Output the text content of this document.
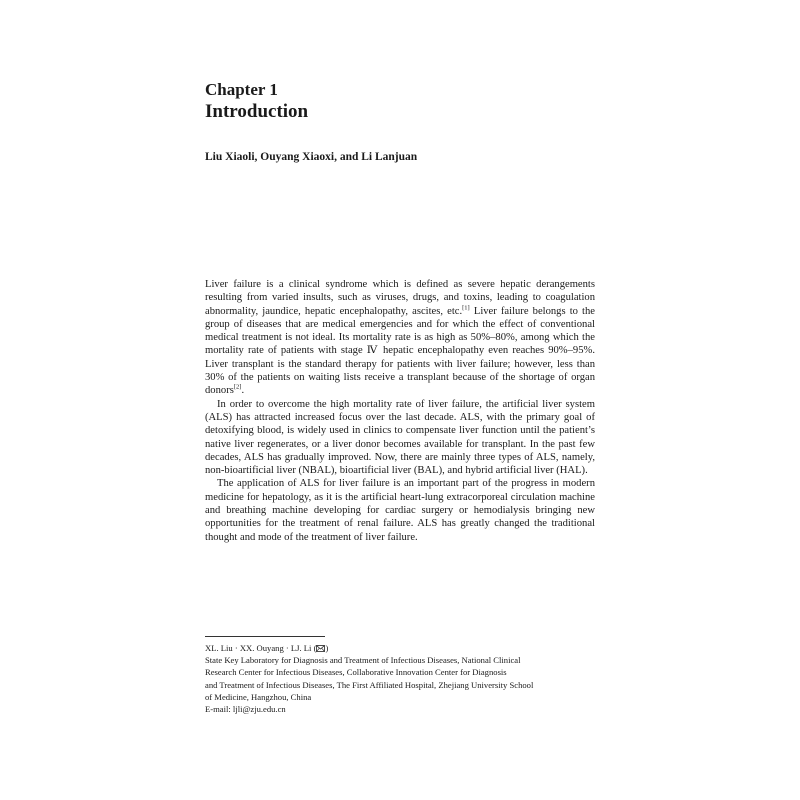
Chapter 1
Introduction
Liu Xiaoli, Ouyang Xiaoxi, and Li Lanjuan

Liver failure is a clinical syndrome which is defined as severe hepatic derangements resulting from varied insults, such as viruses, drugs, and toxins, leading to coagulation abnormality, jaundice, hepatic encephalopathy, ascites, etc.[1] Liver failure belongs to the group of diseases that are medical emergencies and for which the effect of conventional medical treatment is not ideal. Its mortality rate is as high as 50%–80%, among which the mortality rate of patients with stage Ⅳ hepatic encephalopathy even reaches 90%–95%. Liver transplant is the standard therapy for patients with liver failure; however, less than 30% of the patients on waiting lists receive a transplant because of the shortage of organ donors[2].

In order to overcome the high mortality rate of liver failure, the artificial liver system (ALS) has attracted increased focus over the last decade. ALS, with the primary goal of detoxifying blood, is widely used in clinics to compensate liver function until the patient’s native liver regenerates, or a liver donor becomes available for transplant. In the past few decades, ALS has gradually improved. Now, there are mainly three types of ALS, namely, non-bioartificial liver (NBAL), bioartificial liver (BAL), and hybrid artificial liver (HAL).

The application of ALS for liver failure is an important part of the progress in modern medicine for hepatology, as it is the artificial heart-lung extracorporeal circulation machine and breathing machine developing for cardiac surgery or hemodialysis bringing new opportunities for the treatment of renal failure. ALS has greatly changed the traditional thought and mode of the treatment of liver failure.

XL. Liu · XX. Ouyang · LJ. Li ( )
State Key Laboratory for Diagnosis and Treatment of Infectious Diseases, National Clinical
Research Center for Infectious Diseases, Collaborative Innovation Center for Diagnosis
and Treatment of Infectious Diseases, The First Affiliated Hospital, Zhejiang University School
of Medicine, Hangzhou, China
E-mail: ljli@zju.edu.cn
